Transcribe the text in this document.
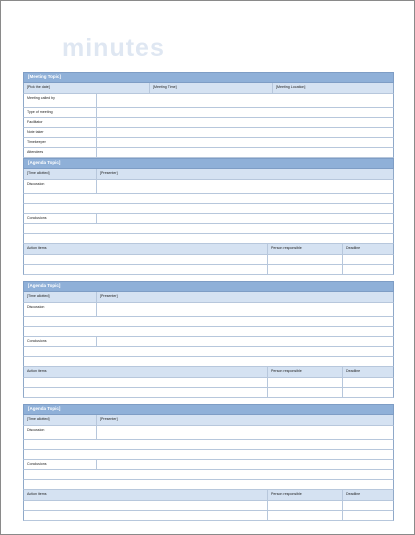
minutes
[Meeting Topic]
[Pick the date]	[Meeting Time]	[Meeting Location]
Meeting called by
Type of meeting
Facilitator
Note taker
Timekeeper
Attendees
[Agenda Topic]
[Time allotted]	[Presenter]
Discussion
Conclusions
Action items	Person responsible	Deadline
[Agenda Topic]
[Time allotted]	[Presenter]
Discussion
Conclusions
Action items	Person responsible	Deadline
[Agenda Topic]
[Time allotted]	[Presenter]
Discussion
Conclusions
Action items	Person responsible	Deadline
